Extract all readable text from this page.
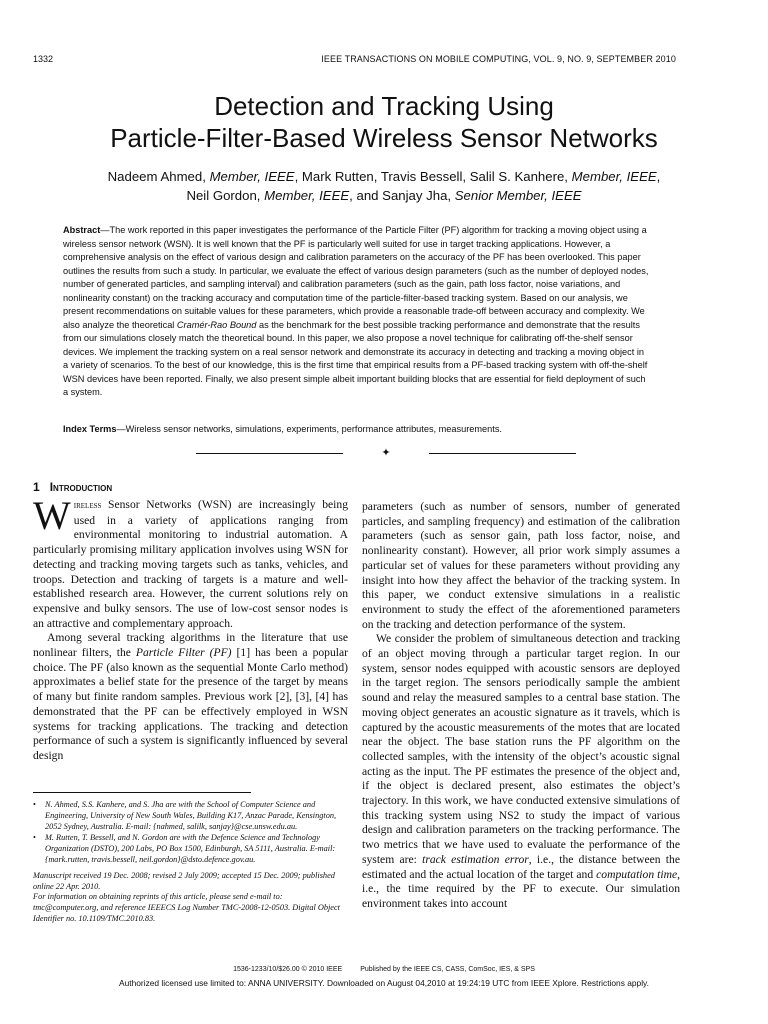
1332	IEEE TRANSACTIONS ON MOBILE COMPUTING, VOL. 9, NO. 9, SEPTEMBER 2010
Detection and Tracking Using
Particle-Filter-Based Wireless Sensor Networks
Nadeem Ahmed, Member, IEEE, Mark Rutten, Travis Bessell, Salil S. Kanhere, Member, IEEE,
Neil Gordon, Member, IEEE, and Sanjay Jha, Senior Member, IEEE

Abstract—The work reported in this paper investigates the performance of the Particle Filter (PF) algorithm for tracking a moving object using a wireless sensor network (WSN). It is well known that the PF is particularly well suited for use in target tracking applications. However, a comprehensive analysis on the effect of various design and calibration parameters on the accuracy of the PF has been overlooked. This paper outlines the results from such a study. In particular, we evaluate the effect of various design parameters (such as the number of deployed nodes, number of generated particles, and sampling interval) and calibration parameters (such as the gain, path loss factor, noise variations, and nonlinearity constant) on the tracking accuracy and computation time of the particle-filter-based tracking system. Based on our analysis, we present recommendations on suitable values for these parameters, which provide a reasonable trade-off between accuracy and complexity. We also analyze the theoretical Cramér-Rao Bound as the benchmark for the best possible tracking performance and demonstrate that the results from our simulations closely match the theoretical bound. In this paper, we also propose a novel technique for calibrating off-the-shelf sensor devices. We implement the tracking system on a real sensor network and demonstrate its accuracy in detecting and tracking a moving object in a variety of scenarios. To the best of our knowledge, this is the first time that empirical results from a PF-based tracking system with off-the-shelf WSN devices have been reported. Finally, we also present simple albeit important building blocks that are essential for field deployment of such a system.

Index Terms—Wireless sensor networks, simulations, experiments, performance attributes, measurements.
✦
1 Introduction

Wireless Sensor Networks (WSN) are increasingly being used in a variety of applications ranging from environmental monitoring to industrial automation. A particularly promising military application involves using WSN for detecting and tracking moving targets such as tanks, vehicles, and troops. Detection and tracking of targets is a mature and well-established research area. However, the current solutions rely on expensive and bulky sensors. The use of low-cost sensor nodes is an attractive and complementary approach.

Among several tracking algorithms in the literature that use nonlinear filters, the Particle Filter (PF) [1] has been a popular choice. The PF (also known as the sequential Monte Carlo method) approximates a belief state for the presence of the target by means of many but finite random samples. Previous work [2], [3], [4] has demonstrated that the PF can be effectively employed in WSN systems for tracking applications. The tracking and detection performance of such a system is significantly influenced by several design

• N. Ahmed, S.S. Kanhere, and S. Jha are with the School of Computer Science and Engineering, University of New South Wales, Building K17, Anzac Parade, Kensington, 2052 Sydney, Australia. E-mail: {nahmed, salilk, sanjay}@cse.unsw.edu.au.
• M. Rutten, T. Bessell, and N. Gordon are with the Defence Science and Technology Organization (DSTO), 200 Labs, PO Box 1500, Edinburgh, SA 5111, Australia. E-mail: {mark.rutten, travis.bessell, neil.gordon}@dsto.defence.gov.au.

Manuscript received 19 Dec. 2008; revised 2 July 2009; accepted 15 Dec. 2009; published online 22 Apr. 2010.

For information on obtaining reprints of this article, please send e-mail to: tmc@computer.org, and reference IEEECS Log Number TMC-2008-12-0503. Digital Object Identifier no. 10.1109/TMC.2010.83.

parameters (such as number of sensors, number of generated particles, and sampling frequency) and estimation of the calibration parameters (such as sensor gain, path loss factor, noise, and nonlinearity constant). However, all prior work simply assumes a particular set of values for these parameters without providing any insight into how they affect the behavior of the tracking system. In this paper, we conduct extensive simulations in a realistic environment to study the effect of the aforementioned parameters on the tracking and detection performance of the system.

We consider the problem of simultaneous detection and tracking of an object moving through a particular target region. In our system, sensor nodes equipped with acoustic sensors are deployed in the target region. The sensors periodically sample the ambient sound and relay the measured samples to a central base station. The moving object generates an acoustic signature as it travels, which is captured by the acoustic measurements of the motes that are located near the object. The base station runs the PF algorithm on the collected samples, with the intensity of the object’s acoustic signal acting as the input. The PF estimates the presence of the object and, if the object is declared present, also estimates the object’s trajectory. In this work, we have conducted extensive simulations of this tracking system using NS2 to study the impact of various design and calibration parameters on the tracking performance. The two metrics that we have used to evaluate the performance of the system are: track estimation error, i.e., the distance between the estimated and the actual location of the target and computation time, i.e., the time required by the PF to execute. Our simulation environment takes into account

1536-1233/10/$26.00 © 2010 IEEE	Published by the IEEE CS, CASS, ComSoc, IES, & SPS
Authorized licensed use limited to: ANNA UNIVERSITY. Downloaded on August 04,2010 at 19:24:19 UTC from IEEE Xplore. Restrictions apply.
